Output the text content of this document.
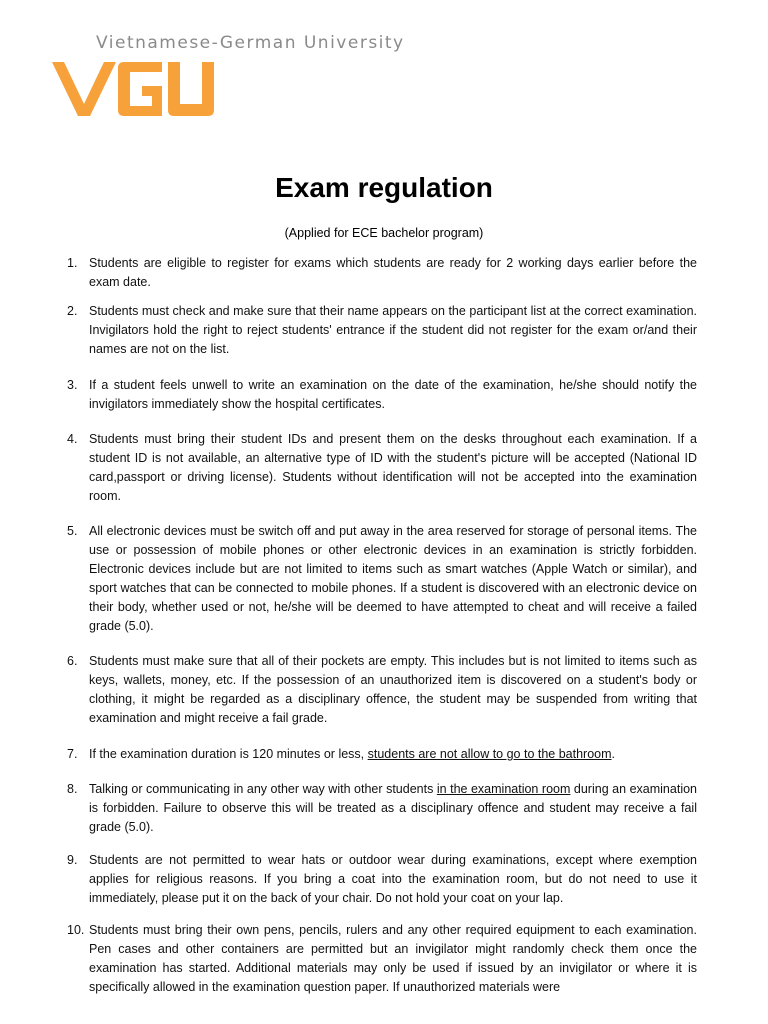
Vietnamese-German University
Exam regulation
(Applied for ECE bachelor program)
1. Students are eligible to register for exams which students are ready for 2 working days earlier before the exam date.
2. Students must check and make sure that their name appears on the participant list at the correct examination. Invigilators hold the right to reject students' entrance if the student did not register for the exam or/and their names are not on the list.
3. If a student feels unwell to write an examination on the date of the examination, he/she should notify the invigilators immediately show the hospital certificates.
4. Students must bring their student IDs and present them on the desks throughout each examination. If a student ID is not available, an alternative type of ID with the student's picture will be accepted (National ID card,passport or driving license). Students without identification will not be accepted into the examination room.
5. All electronic devices must be switch off and put away in the area reserved for storage of personal items. The use or possession of mobile phones or other electronic devices in an examination is strictly forbidden. Electronic devices include but are not limited to items such as smart watches (Apple Watch or similar), and sport watches that can be connected to mobile phones. If a student is discovered with an electronic device on their body, whether used or not, he/she will be deemed to have attempted to cheat and will receive a failed grade (5.0).
6. Students must make sure that all of their pockets are empty. This includes but is not limited to items such as keys, wallets, money, etc. If the possession of an unauthorized item is discovered on a student's body or clothing, it might be regarded as a disciplinary offence, the student may be suspended from writing that examination and might receive a fail grade.
7. If the examination duration is 120 minutes or less, students are not allow to go to the bathroom.
8. Talking or communicating in any other way with other students in the examination room during an examination is forbidden. Failure to observe this will be treated as a disciplinary offence and student may receive a fail grade (5.0).
9. Students are not permitted to wear hats or outdoor wear during examinations, except where exemption applies for religious reasons. If you bring a coat into the examination room, but do not need to use it immediately, please put it on the back of your chair. Do not hold your coat on your lap.
10. Students must bring their own pens, pencils, rulers and any other required equipment to each examination. Pen cases and other containers are permitted but an invigilator might randomly check them once the examination has started. Additional materials may only be used if issued by an invigilator or where it is specifically allowed in the examination question paper. If unauthorized materials were
